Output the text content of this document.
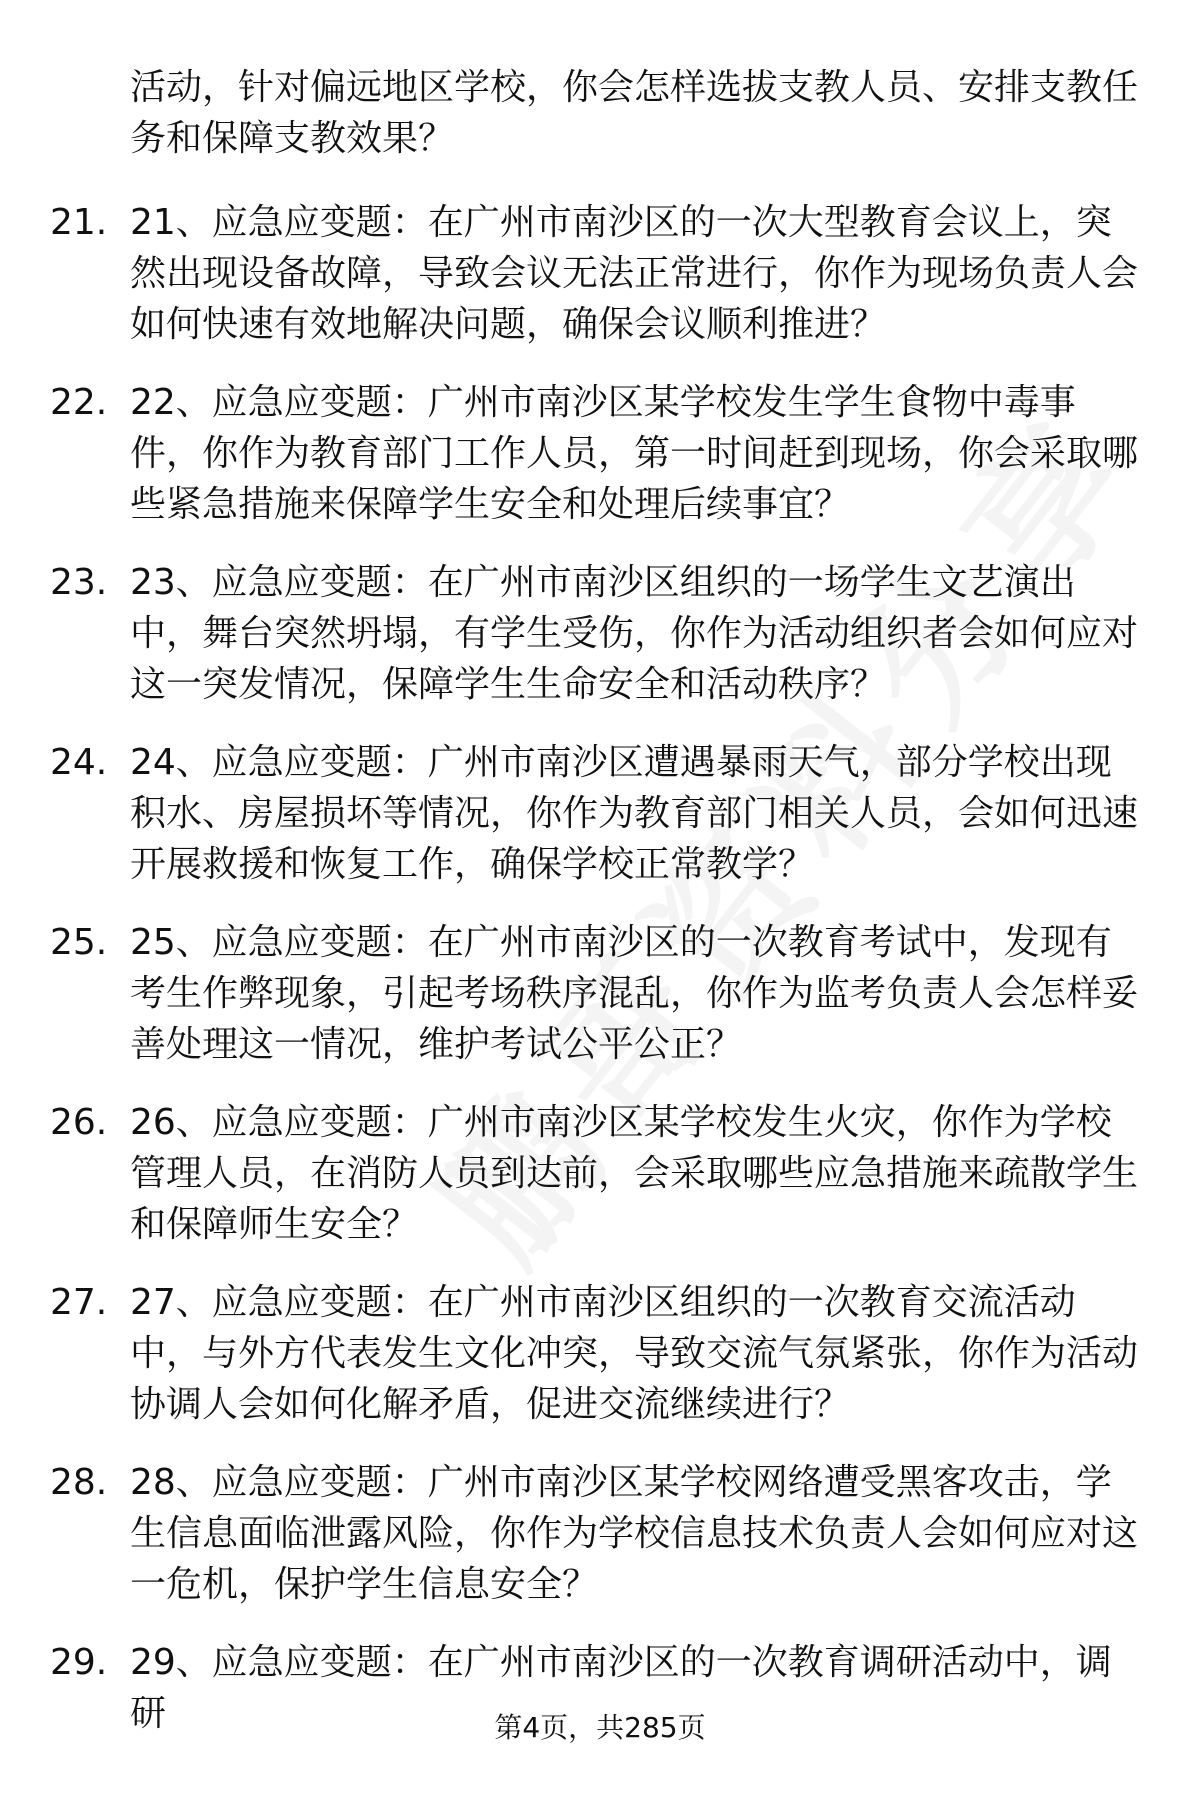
活动，针对偏远地区学校，你会怎样选拔支教人员、安排支教任务和保障支教效果？
21. 21、应急应变题：在广州市南沙区的一次大型教育会议上，突然出现设备故障，导致会议无法正常进行，你作为现场负责人会如何快速有效地解决问题，确保会议顺利推进？
22. 22、应急应变题：广州市南沙区某学校发生学生食物中毒事件，你作为教育部门工作人员，第一时间赶到现场，你会采取哪些紧急措施来保障学生安全和处理后续事宜？
23. 23、应急应变题：在广州市南沙区组织的一场学生文艺演出中，舞台突然坍塌，有学生受伤，你作为活动组织者会如何应对这一突发情况，保障学生生命安全和活动秩序？
24. 24、应急应变题：广州市南沙区遭遇暴雨天气，部分学校出现积水、房屋损坏等情况，你作为教育部门相关人员，会如何迅速开展救援和恢复工作，确保学校正常教学？
25. 25、应急应变题：在广州市南沙区的一次教育考试中，发现有考生作弊现象，引起考场秩序混乱，你作为监考负责人会怎样妥善处理这一情况，维护考试公平公正？
26. 26、应急应变题：广州市南沙区某学校发生火灾，你作为学校管理人员，在消防人员到达前，会采取哪些应急措施来疏散学生和保障师生安全？
27. 27、应急应变题：在广州市南沙区组织的一次教育交流活动中，与外方代表发生文化冲突，导致交流气氛紧张，你作为活动协调人会如何化解矛盾，促进交流继续进行？
28. 28、应急应变题：广州市南沙区某学校网络遭受黑客攻击，学生信息面临泄露风险，你作为学校信息技术负责人会如何应对这一危机，保护学生信息安全？
29. 29、应急应变题：在广州市南沙区的一次教育调研活动中，调研	第4页，共285页
